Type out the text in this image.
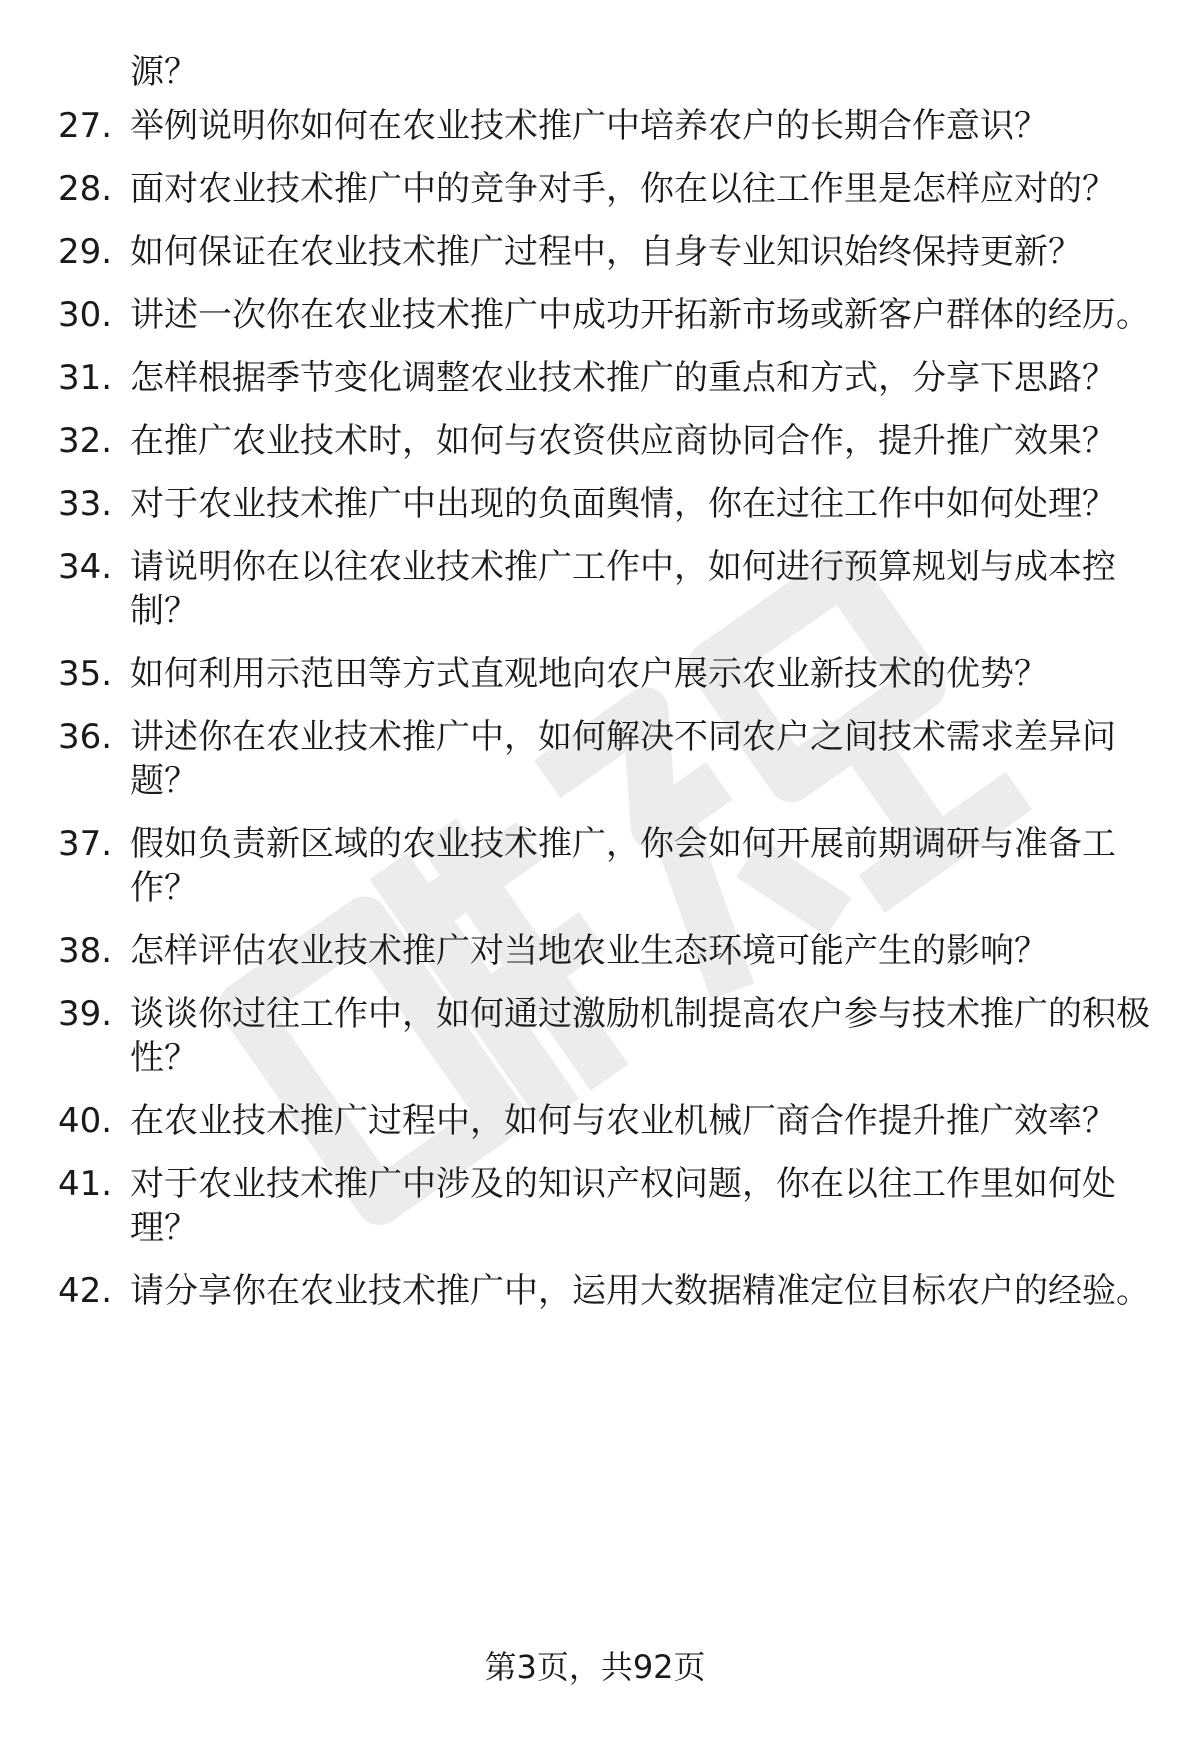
源？

27. 举例说明你如何在农业技术推广中培养农户的长期合作意识？
28. 面对农业技术推广中的竞争对手，你在以往工作里是怎样应对的？
29. 如何保证在农业技术推广过程中，自身专业知识始终保持更新？
30. 讲述一次你在农业技术推广中成功开拓新市场或新客户群体的经历。
31. 怎样根据季节变化调整农业技术推广的重点和方式，分享下思路？
32. 在推广农业技术时，如何与农资供应商协同合作，提升推广效果？
33. 对于农业技术推广中出现的负面舆情，你在过往工作中如何处理？
34. 请说明你在以往农业技术推广工作中，如何进行预算规划与成本控制？
35. 如何利用示范田等方式直观地向农户展示农业新技术的优势？
36. 讲述你在农业技术推广中，如何解决不同农户之间技术需求差异问题？
37. 假如负责新区域的农业技术推广，你会如何开展前期调研与准备工作？
38. 怎样评估农业技术推广对当地农业生态环境可能产生的影响？
39. 谈谈你过往工作中，如何通过激励机制提高农户参与技术推广的积极性？
40. 在农业技术推广过程中，如何与农业机械厂商合作提升推广效率？
41. 对于农业技术推广中涉及的知识产权问题，你在以往工作里如何处理？
42. 请分享你在农业技术推广中，运用大数据精准定位目标农户的经验。
第3页，共92页
